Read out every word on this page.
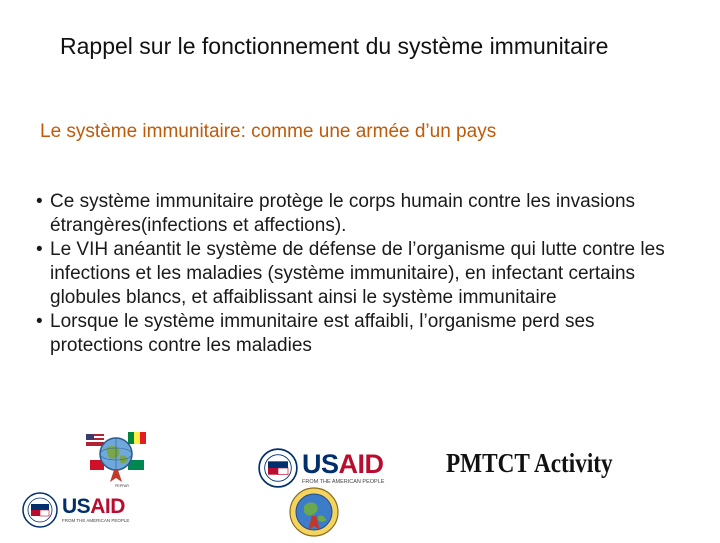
Rappel sur le fonctionnement du système immunitaire
Le système immunitaire: comme une armée d’un pays
• Ce système immunitaire protège le corps humain contre les invasions étrangères(infections et affections).
• Le VIH anéantit le système de défense de l’organisme qui lutte contre les infections et les maladies (système immunitaire), en infectant certains globules blancs, et affaiblissant ainsi le système immunitaire
• Lorsque le système immunitaire est affaibli, l’organisme perd ses protections contre les maladies
PEPFAR
USAID
FROM THE AMERICAN PEOPLE
USAID
FROM THE AMERICAN PEOPLE
PMTCT Activity
